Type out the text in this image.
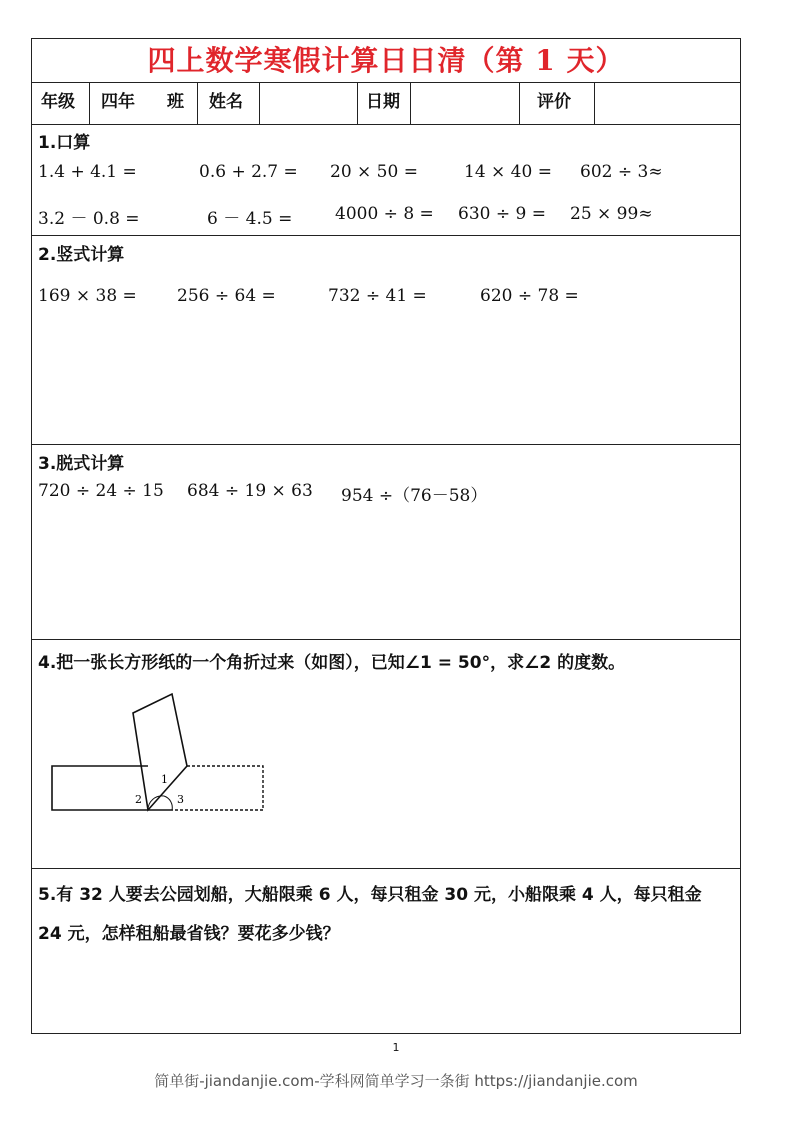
四上数学寒假计算日日清（第 1 天）
年级 四年 班 姓名	日期	评价
1.口算
1.4 + 4.1 =	0.6 + 2.7 = 20 × 50 =	14 × 40 = 602 ÷ 3≈
3.2 － 0.8 =	6 － 4.5 =	4000 ÷ 8 = 630 ÷ 9 = 25 × 99≈
2.竖式计算
169 × 38 = 256 ÷ 64 =	732 ÷ 41 =	620 ÷ 78 =
3.脱式计算
720 ÷ 24 ÷ 15 684 ÷ 19 × 63 954 ÷（76－58）
4.把一张长方形纸的一个角折过来（如图），已知∠1 = 50°，求∠2 的度数。
1
2	3
5.有 32 人要去公园划船，大船限乘 6 人，每只租金 30 元，小船限乘 4 人，每只租金
24 元，怎样租船最省钱？要花多少钱？
1
简单街-jiandanjie.com-学科网简单学习一条街 https://jiandanjie.com
